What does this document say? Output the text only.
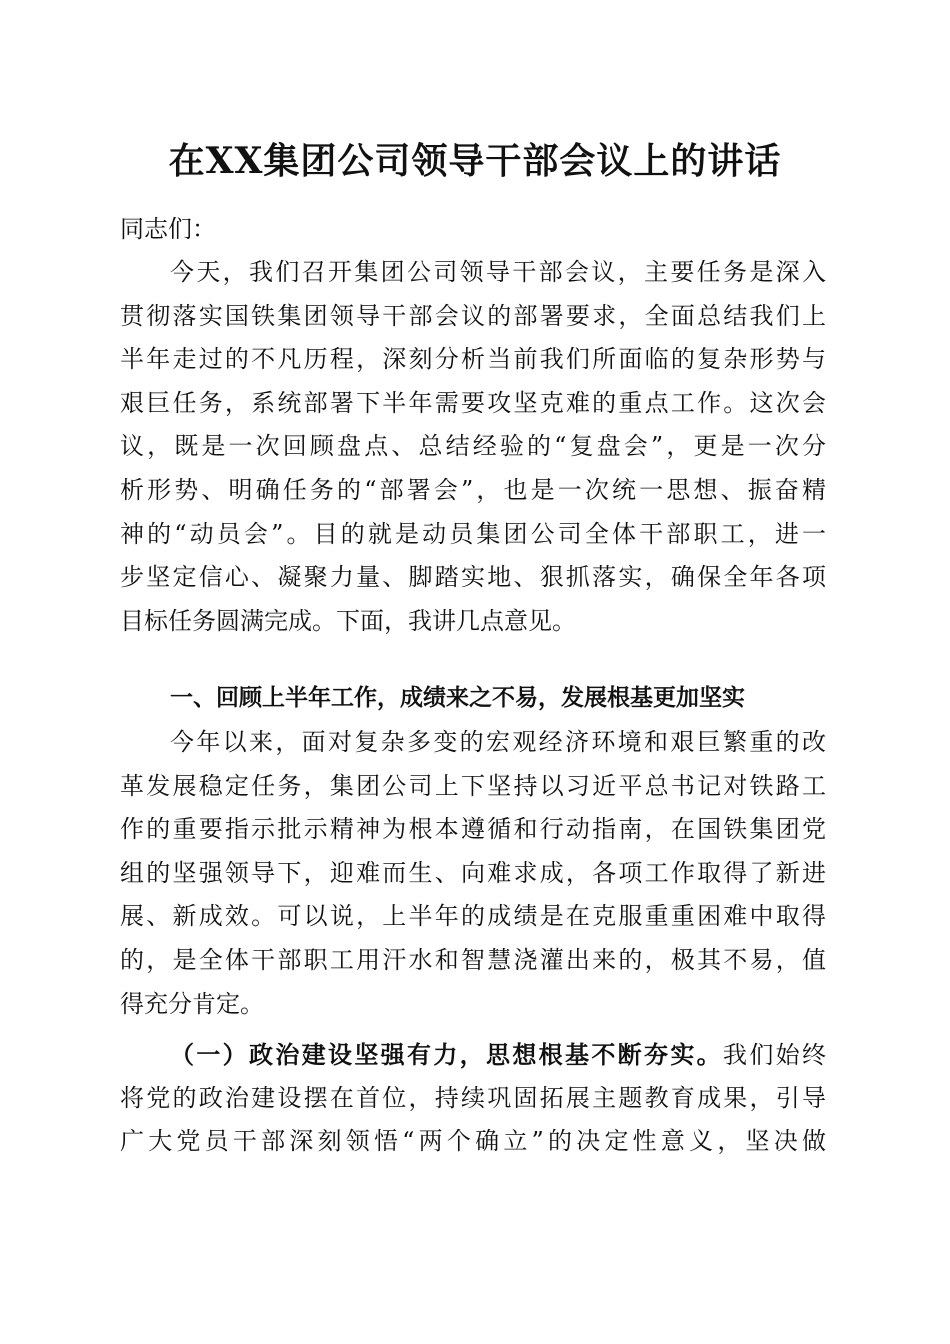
在XX集团公司领导干部会议上的讲话
同志们：
今天，我们召开集团公司领导干部会议，主要任务是深入
贯彻落实国铁集团领导干部会议的部署要求，全面总结我们上
半年走过的不凡历程，深刻分析当前我们所面临的复杂形势与
艰巨任务，系统部署下半年需要攻坚克难的重点工作。这次会
议，既是一次回顾盘点、总结经验的“复盘会”，更是一次分
析形势、明确任务的“部署会”，也是一次统一思想、振奋精
神的“动员会”。目的就是动员集团公司全体干部职工，进一
步坚定信心、凝聚力量、脚踏实地、狠抓落实，确保全年各项
目标任务圆满完成。下面，我讲几点意见。
一、回顾上半年工作，成绩来之不易，发展根基更加坚实
今年以来，面对复杂多变的宏观经济环境和艰巨繁重的改
革发展稳定任务，集团公司上下坚持以习近平总书记对铁路工
作的重要指示批示精神为根本遵循和行动指南，在国铁集团党
组的坚强领导下，迎难而生、向难求成，各项工作取得了新进
展、新成效。可以说，上半年的成绩是在克服重重困难中取得
的，是全体干部职工用汗水和智慧浇灌出来的，极其不易，值
得充分肯定。
（一）政治建设坚强有力，思想根基不断夯实。我们始终
将党的政治建设摆在首位，持续巩固拓展主题教育成果，引导
广大党员干部深刻领悟“两个确立”的决定性意义，坚决做
